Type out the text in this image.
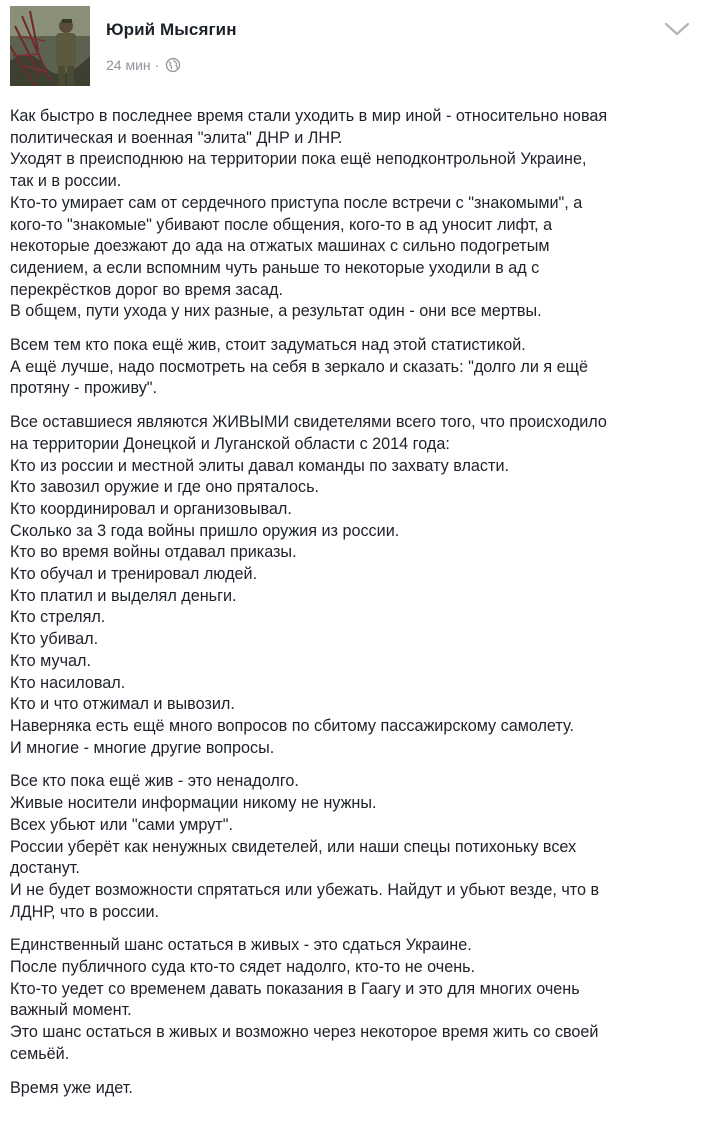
Юрий Мысягин
24 мин ·
Как быстро в последнее время стали уходить в мир иной - относительно новая
политическая и военная "элита" ДНР и ЛНР.
Уходят в преисподнюю на территории пока ещё неподконтрольной Украине,
так и в россии.
Кто-то умирает сам от сердечного приступа после встречи с "знакомыми", а
кого-то "знакомые" убивают после общения, кого-то в ад уносит лифт, а
некоторые доезжают до ада на отжатых машинах с сильно подогретым
сидением, а если вспомним чуть раньше то некоторые уходили в ад с
перекрёстков дорог во время засад.
В общем, пути ухода у них разные, а результат один - они все мертвы.
Всем тем кто пока ещё жив, стоит задуматься над этой статистикой.
А ещё лучше, надо посмотреть на себя в зеркало и сказать: "долго ли я ещё
протяну - проживу".
Все оставшиеся являются ЖИВЫМИ свидетелями всего того, что происходило
на территории Донецкой и Луганской области с 2014 года:
Кто из россии и местной элиты давал команды по захвату власти.
Кто завозил оружие и где оно пряталось.
Кто координировал и организовывал.
Сколько за 3 года войны пришло оружия из россии.
Кто во время войны отдавал приказы.
Кто обучал и тренировал людей.
Кто платил и выделял деньги.
Кто стрелял.
Кто убивал.
Кто мучал.
Кто насиловал.
Кто и что отжимал и вывозил.
Наверняка есть ещё много вопросов по сбитому пассажирскому самолету.
И многие - многие другие вопросы.
Все кто пока ещё жив - это ненадолго.
Живые носители информации никому не нужны.
Всех убьют или "сами умрут".
России уберёт как ненужных свидетелей, или наши спецы потихоньку всех
достанут.
И не будет возможности спрятаться или убежать. Найдут и убьют везде, что в
ЛДНР, что в россии.
Единственный шанс остаться в живых - это сдаться Украине.
После публичного суда кто-то сядет надолго, кто-то не очень.
Кто-то уедет со временем давать показания в Гаагу и это для многих очень
важный момент.
Это шанс остаться в живых и возможно через некоторое время жить со своей
семьёй.
Время уже идет.
